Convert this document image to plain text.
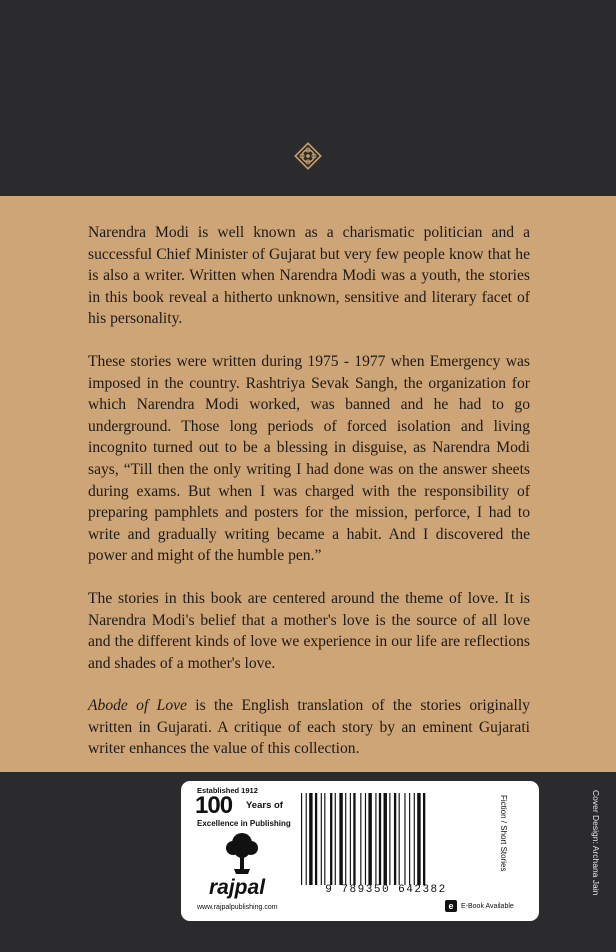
Narendra Modi is well known as a charismatic politician and a successful Chief Minister of Gujarat but very few people know that he is also a writer. Written when Narendra Modi was a youth, the stories in this book reveal a hitherto unknown, sensitive and literary facet of his personality.

These stories were written during 1975 - 1977 when Emergency was imposed in the country. Rashtriya Sevak Sangh, the organization for which Narendra Modi worked, was banned and he had to go underground. Those long periods of forced isolation and living incognito turned out to be a blessing in disguise, as Narendra Modi says, “Till then the only writing I had done was on the answer sheets during exams. But when I was charged with the responsibility of preparing pamphlets and posters for the mission, perforce, I had to write and gradually writing became a habit. And I discovered the power and might of the humble pen.”

The stories in this book are centered around the theme of love. It is Narendra Modi's belief that a mother's love is the source of all love and the different kinds of love we experience in our life are reflections and shades of a mother's love.

Abode of Love is the English translation of the stories originally written in Gujarati. A critique of each story by an eminent Gujarati writer enhances the value of this collection.

Cover Design: Archana Jain
Established 1912
100 Years of
Excellence in Publishing
rajpal
www.rajpalpublishing.com
9 789350 642382
Fiction / Short Stories
e	E-Book Available
